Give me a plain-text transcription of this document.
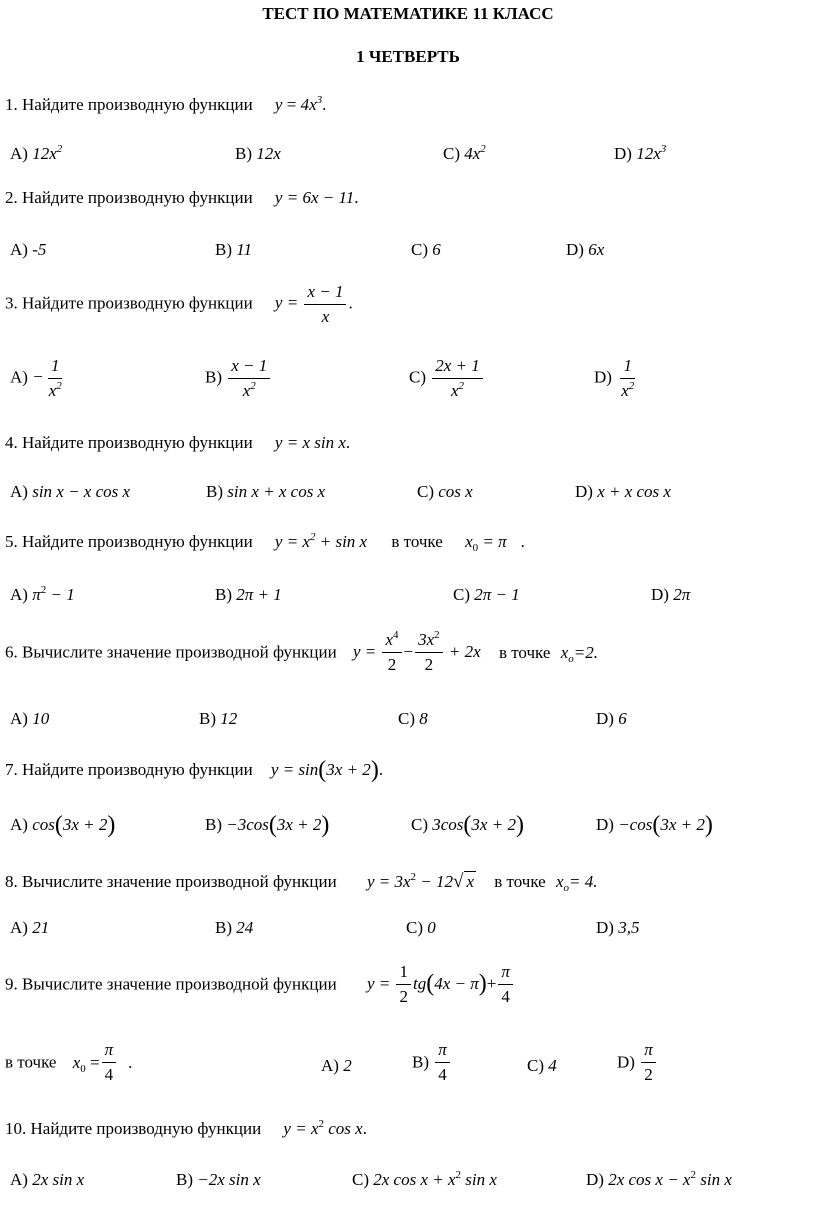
ТЕСТ ПО МАТЕМАТИКЕ 11 КЛАСС
1 ЧЕТВЕРТЬ
1. Найдите производную функции $y = 4x^3$.
A) $12x^2$	B) 12x	C) $4x^2$	D) $12x^3$
2. Найдите производную функции y = 6x − 11.
A) -5	B) 11	C) 6	D) 6x
3. Найдите производную функции $y = \frac{x - 1}{x}$ .
$A) - \frac{1}{x^2}$	$B) \frac{x - 1}{x^2}$	$C) \frac{2x + 1}{x^2}$	$D) \frac{1}{x^2}$
4. Найдите производную функции y = x sin x.
A) sin x − x cos x	B) sin x + x cos x	C) cos x	D) x + x cos x
5. Найдите производную функции $y = x^2 + \sin x$ в точке $x_0 = \pi$ .
A) $\pi^2 - 1$	B) 2π + 1	C) 2π − 1	D) 2π
6. Вычислите значение производной функции $y = \frac{x^4}{2} - \frac{3x^2}{2} + 2x$ в точке $x_o=2$.
A) 10	B) 12	C) 8	D) 6
7. Найдите производную функции y = sin(3x + 2).
A) cos(3x + 2)	B) −3cos(3x + 2)	C) 3cos(3x + 2)	D) −cos(3x + 2)
8. Вычислите значение производной функции $y = 3x^2 - 12√$ x в точке $x_o= 4$.
A) 21	B) 24	C) 0	D) 3,5
9. Вычислите значение производной функции $y = \frac{1}{2} tg(4x - \pi)+ \frac{\pi}{4}$
в точке $x_0 = \frac{\pi}{4}$ .	A) 2	$B) \frac{\pi}{4}$	C) 4	$D) \frac{\pi}{2}$
10. Найдите производную функции $y = x^2$ cos x.
A) 2x sin x	B) −2x sin x	C) 2x $\cos x + x^2$ sin x	D) 2x $\cos x - x^2$ sin x
